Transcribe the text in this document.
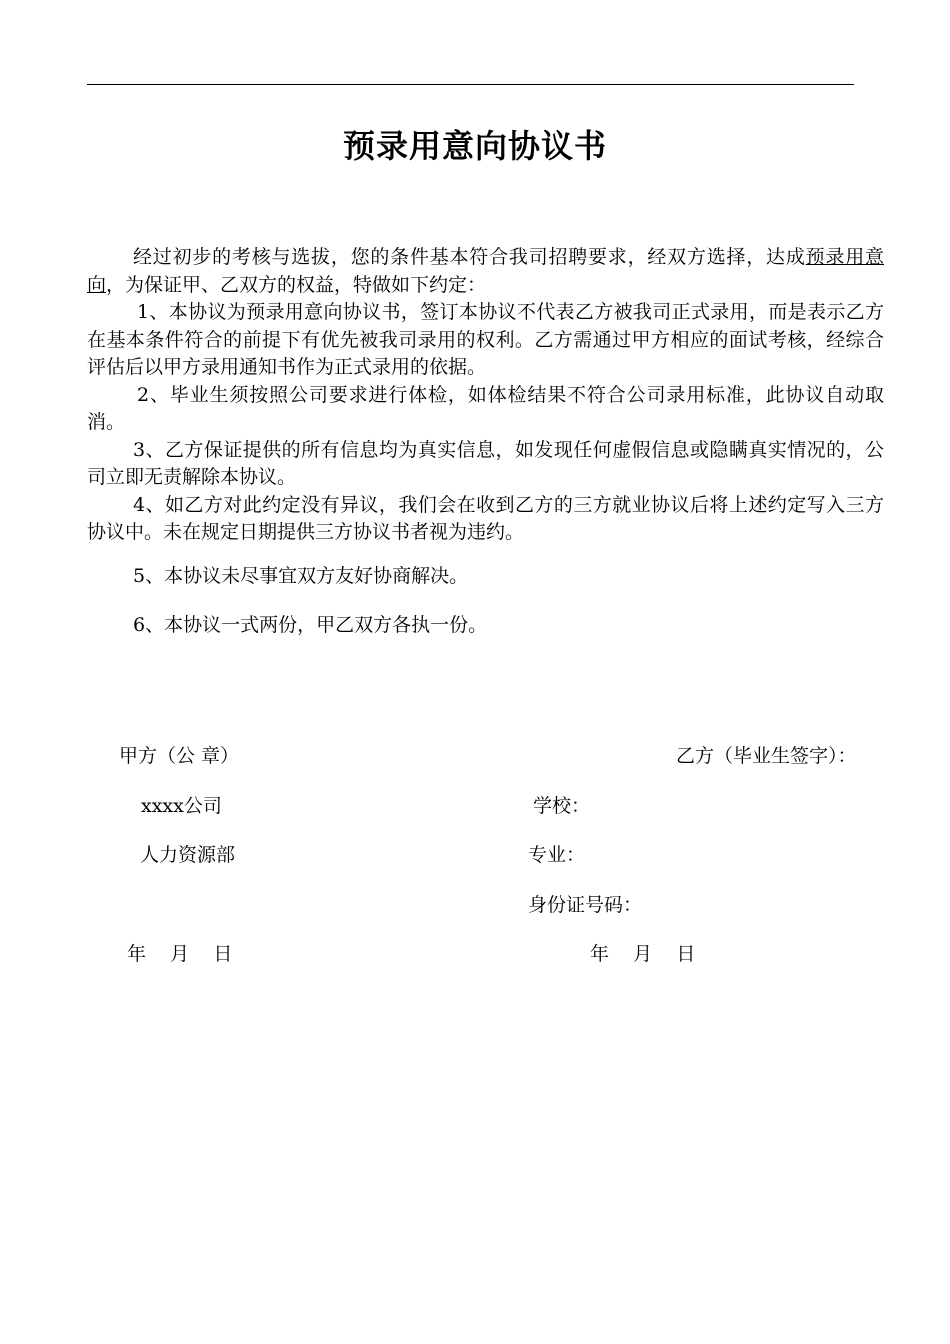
预录用意向协议书

经过初步的考核与选拔，您的条件基本符合我司招聘要求，经双方选择，达成预录用意向，为保证甲、乙双方的权益，特做如下约定：

1、本协议为预录用意向协议书，签订本协议不代表乙方被我司正式录用，而是表示乙方在基本条件符合的前提下有优先被我司录用的权利。乙方需通过甲方相应的面试考核，经综合评估后以甲方录用通知书作为正式录用的依据。

2、毕业生须按照公司要求进行体检，如体检结果不符合公司录用标准，此协议自动取消。

3、乙方保证提供的所有信息均为真实信息，如发现任何虚假信息或隐瞒真实情况的，公司立即无责解除本协议。

4、如乙方对此约定没有异议，我们会在收到乙方的三方就业协议后将上述约定写入三方协议中。未在规定日期提供三方协议书者视为违约。

5、本协议未尽事宜双方友好协商解决。

6、本协议一式两份，甲乙双方各执一份。

甲方（公 章）	乙方（毕业生签字）：
xxxx公司	学校：
人力资源部	专业：
身份证号码：
年    月    日	年    月    日
